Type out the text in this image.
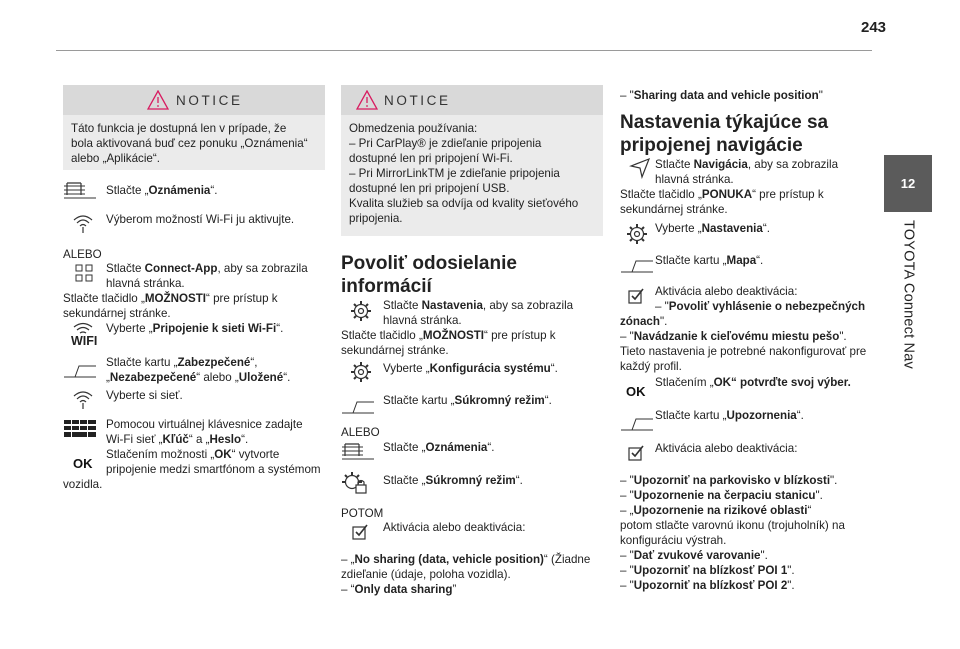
243
12
TOYOTA Connect Nav
NOTICE
Táto funkcia je dostupná len v prípade, že
bola aktivovaná buď cez ponuku „Oznámenia“
alebo „Aplikácie“.
Stlačte „Oznámenia“.
Výberom možností Wi-Fi ju aktivujte.
ALEBO
Stlačte Connect-App, aby sa zobrazila
hlavná stránka.
Stlačte tlačidlo „MOŽNOSTI“ pre prístup k
sekundárnej stránke.
WIFI
Vyberte „Pripojenie k sieti Wi-Fi“.
Stlačte kartu „Zabezpečené“,
„Nezabezpečené“ alebo „Uložené“.
Vyberte si sieť.
Pomocou virtuálnej klávesnice zadajte
Wi-Fi sieť „Kľúč“ a „Heslo“.
OK
Stlačením možnosti „OK“ vytvorte
pripojenie medzi smartfónom a systémom
vozidla.
NOTICE
Obmedzenia používania:
– Pri CarPlay® je zdieľanie pripojenia
dostupné len pri pripojení Wi-Fi.
– Pri MirrorLinkTM je zdieľanie pripojenia
dostupné len pri pripojení USB.
Kvalita služieb sa odvíja od kvality sieťového
pripojenia.
Povoliť odosielanie
informácií
Stlačte Nastavenia, aby sa zobrazila
hlavná stránka.
Stlačte tlačidlo „MOŽNOSTI“ pre prístup k
sekundárnej stránke.
Vyberte „Konfigurácia systému“.
Stlačte kartu „Súkromný režim“.
ALEBO
Stlačte „Oznámenia“.
Stlačte „Súkromný režim“.
POTOM
Aktivácia alebo deaktivácia:
– „No sharing (data, vehicle position)“ (Žiadne
zdieľanie (údaje, poloha vozidla).
– “Only data sharing”
– "Sharing data and vehicle position"
Nastavenia týkajúce sa
pripojenej navigácie
Stlačte Navigácia, aby sa zobrazila
hlavná stránka.
Stlačte tlačidlo „PONUKA“ pre prístup k
sekundárnej stránke.
Vyberte „Nastavenia“.
Stlačte kartu „Mapa“.
Aktivácia alebo deaktivácia:
– "Povoliť vyhlásenie o nebezpečných
zónach".
– "Navádzanie k cieľovému miestu pešo".
Tieto nastavenia je potrebné nakonfigurovať pre
každý profil.
OK
Stlačením „OK“ potvrďte svoj výber.
Stlačte kartu „Upozornenia“.
Aktivácia alebo deaktivácia:
– "Upozorniť na parkovisko v blízkosti".
– "Upozornenie na čerpaciu stanicu".
– „Upozornenie na rizikové oblasti“
potom stlačte varovnú ikonu (trojuholník) na
konfiguráciu výstrah.
– "Dať zvukové varovanie".
– "Upozorniť na blízkosť POI 1".
– "Upozorniť na blízkosť POI 2".
